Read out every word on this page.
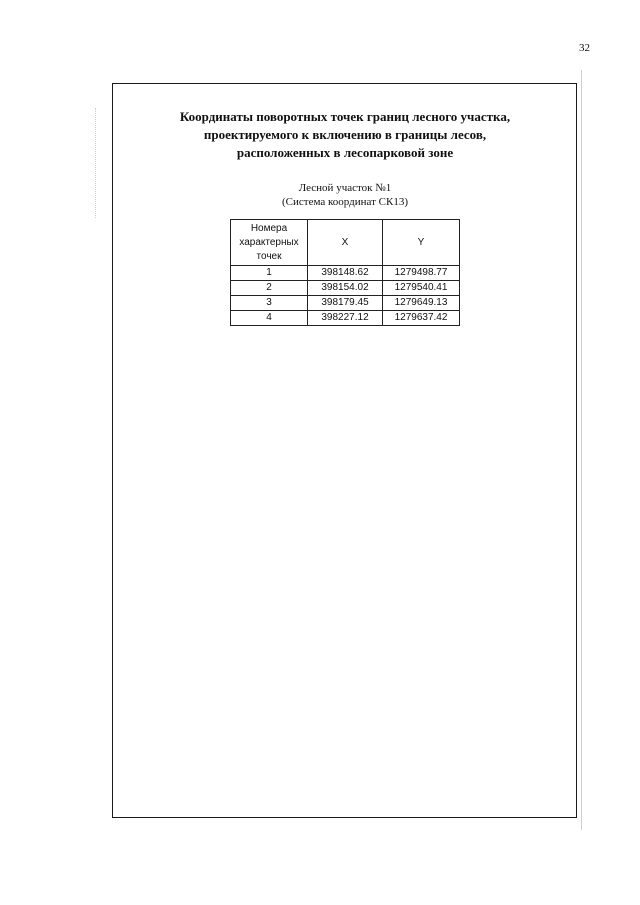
32
Координаты поворотных точек границ лесного участка,
проектируемого к включению в границы лесов,
расположенных в лесопарковой зоне
Лесной участок №1
(Система координат СК13)
Номера характерных точек	X	Y
1	398148.62	1279498.77
2	398154.02	1279540.41
3	398179.45	1279649.13
4	398227.12	1279637.42
